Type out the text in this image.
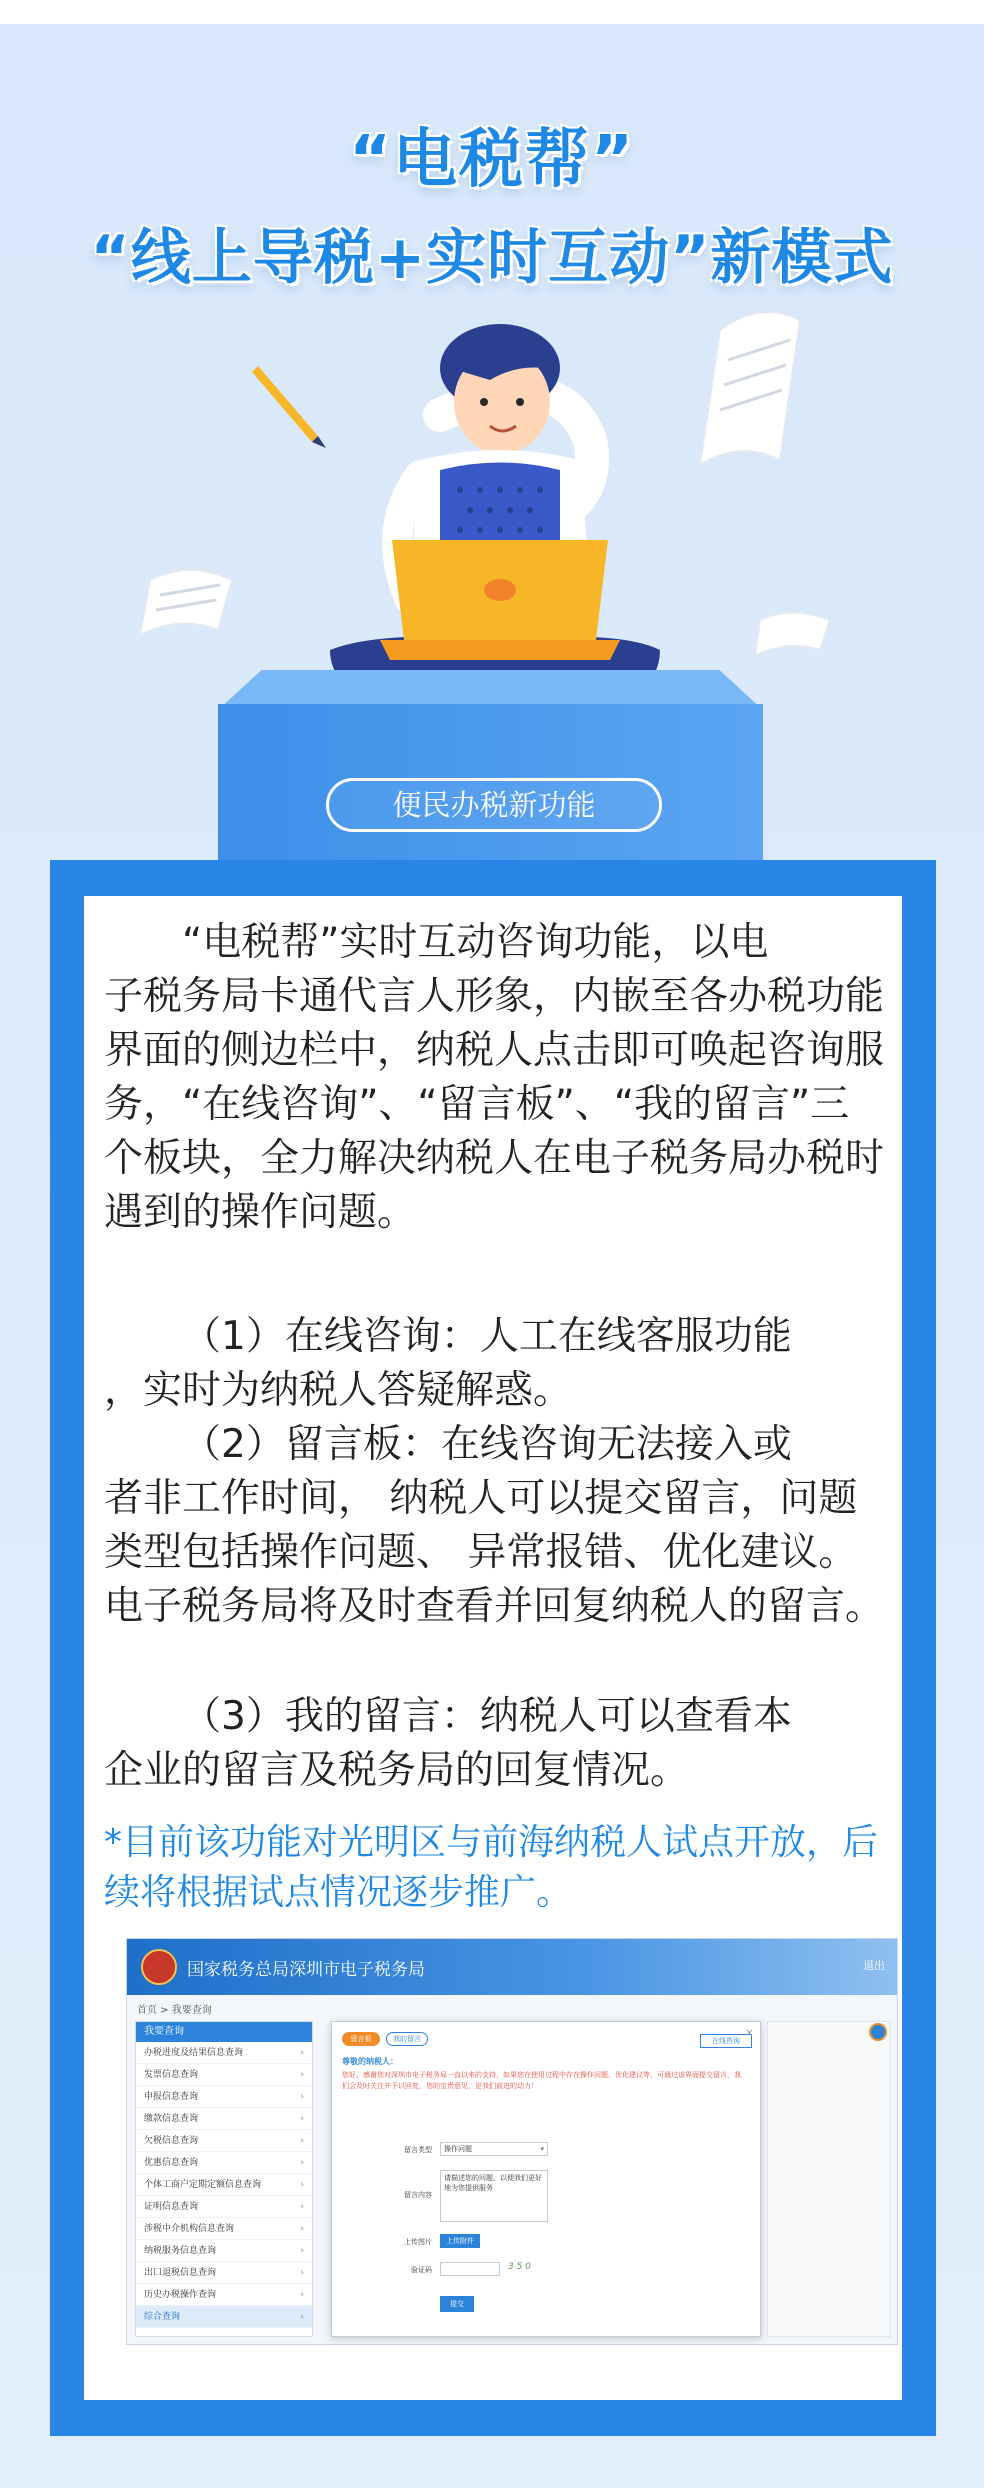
“电税帮”
“线上导税+实时互动”新模式
便民办税新功能
“电税帮”实时互动咨询功能，以电
子税务局卡通代言人形象，内嵌至各办税功能界面的侧边栏中，纳税人点击即可唤起咨询服务，“在线咨询”、“留言板”、“我的留言”三个板块，全力解决纳税人在电子税务局办税时遇到的操作问题。
（1）在线咨询：人工在线客服功能
，实时为纳税人答疑解惑。
（2）留言板：在线咨询无法接入或
者非工作时间， 纳税人可以提交留言，问题类型包括操作问题、 异常报错、优化建议。电子税务局将及时查看并回复纳税人的留言。
（3）我的留言：纳税人可以查看本
企业的留言及税务局的回复情况。
*目前该功能对光明区与前海纳税人试点开放，后续将根据试点情况逐步推广。
国家税务总局深圳市电子税务局	退出
首页 > 我要查询
我要查询
办税进度及结果信息查询	›
发票信息查询	›
申报信息查询	›
缴款信息查询	›
欠税信息查询	›
优惠信息查询	›
个体工商户定期定额信息查询	›
证明信息查询	›
涉税中介机构信息查询	›
纳税服务信息查询	›
出口退税信息查询	›
历史办税操作查询	›
综合查询	›
留言板	我的留言	在线咨询
×
尊敬的纳税人：
您好，感谢您对深圳市电子税务局一直以来的支持，如果您在使用过程中存在操作问题、优化建议等，可通过该界面提交留言，我们会及时关注并予以回复，您的宝贵意见，是我们前进的动力！
留言类型	操作问题	▾
留言内容
请描述您的问题，以便我们更好地为您提供服务
上传图片	上传附件
验证码	3 5 0
提交
